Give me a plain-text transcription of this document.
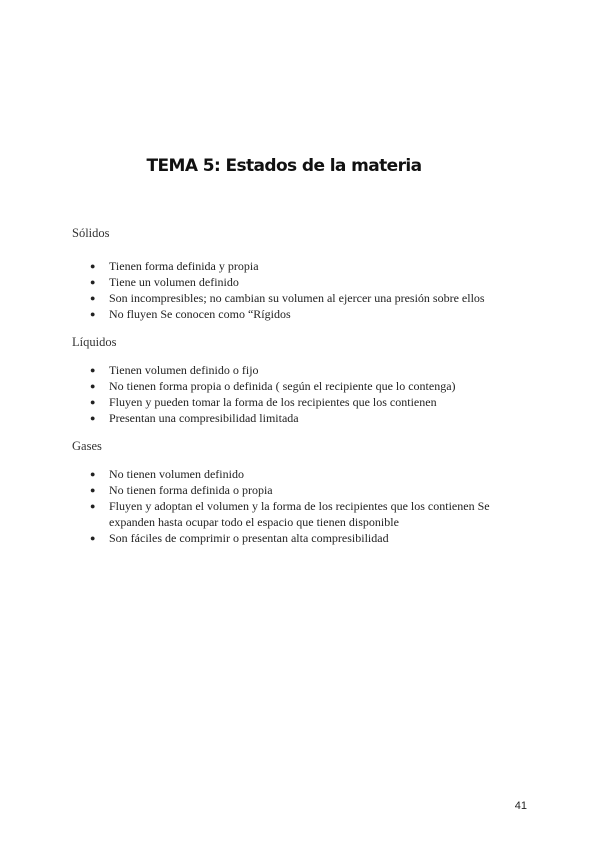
TEMA 5: Estados de la materia

Sólidos

● Tienen forma definida y propia
● Tiene un volumen definido
● Son incompresibles; no cambian su volumen al ejercer una presión sobre ellos
● No fluyen Se conocen como “Rígidos

Líquidos

● Tienen volumen definido o fijo
● No tienen forma propia o definida ( según el recipiente que lo contenga)
● Fluyen y pueden tomar la forma de los recipientes que los contienen
● Presentan una compresibilidad limitada

Gases

● No tienen volumen definido
● No tienen forma definida o propia
● Fluyen y adoptan el volumen y la forma de los recipientes que los contienen Se expanden hasta ocupar todo el espacio que tienen disponible
● Son fáciles de comprimir o presentan alta compresibilidad
41
